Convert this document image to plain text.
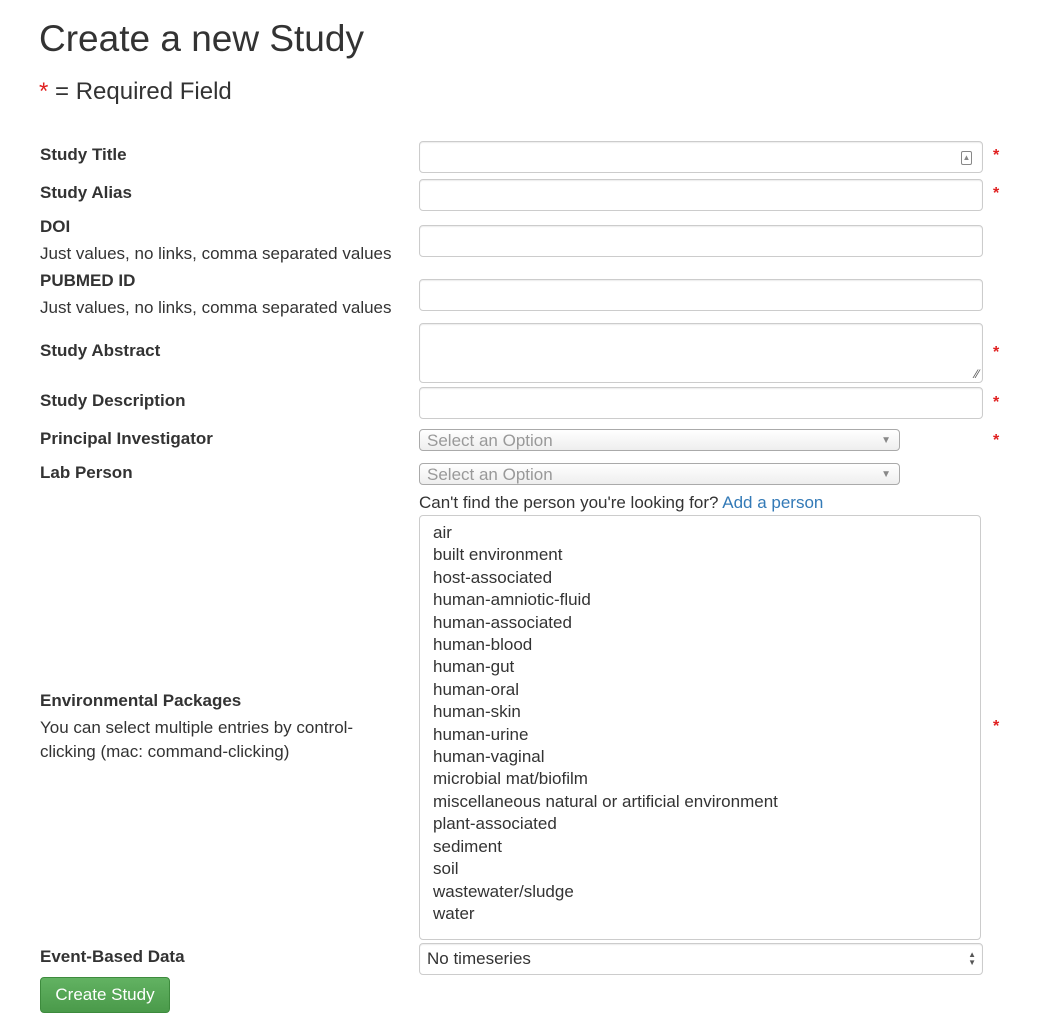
Create a new Study
* = Required Field
Study Title	▲ *
Study Alias	*
DOI
Just values, no links, comma separated values
PUBMED ID
Just values, no links, comma separated values
Study Abstract
⁄⁄
*
Study Description	*
Principal Investigator	Select an Option	▼	*
Lab Person	Select an Option	▼
Can't find the person you're looking for? Add a person
Environmental Packages
You can select multiple entries by control-clicking (mac: command-clicking)
air
built environment
host-associated
human-amniotic-fluid
human-associated
human-blood
human-gut
human-oral
human-skin
human-urine
human-vaginal
microbial mat/biofilm
miscellaneous natural or artificial environment
plant-associated
sediment
soil
wastewater/sludge
water
*
Event-Based Data	No timeseries	▲
▼
Create Study
